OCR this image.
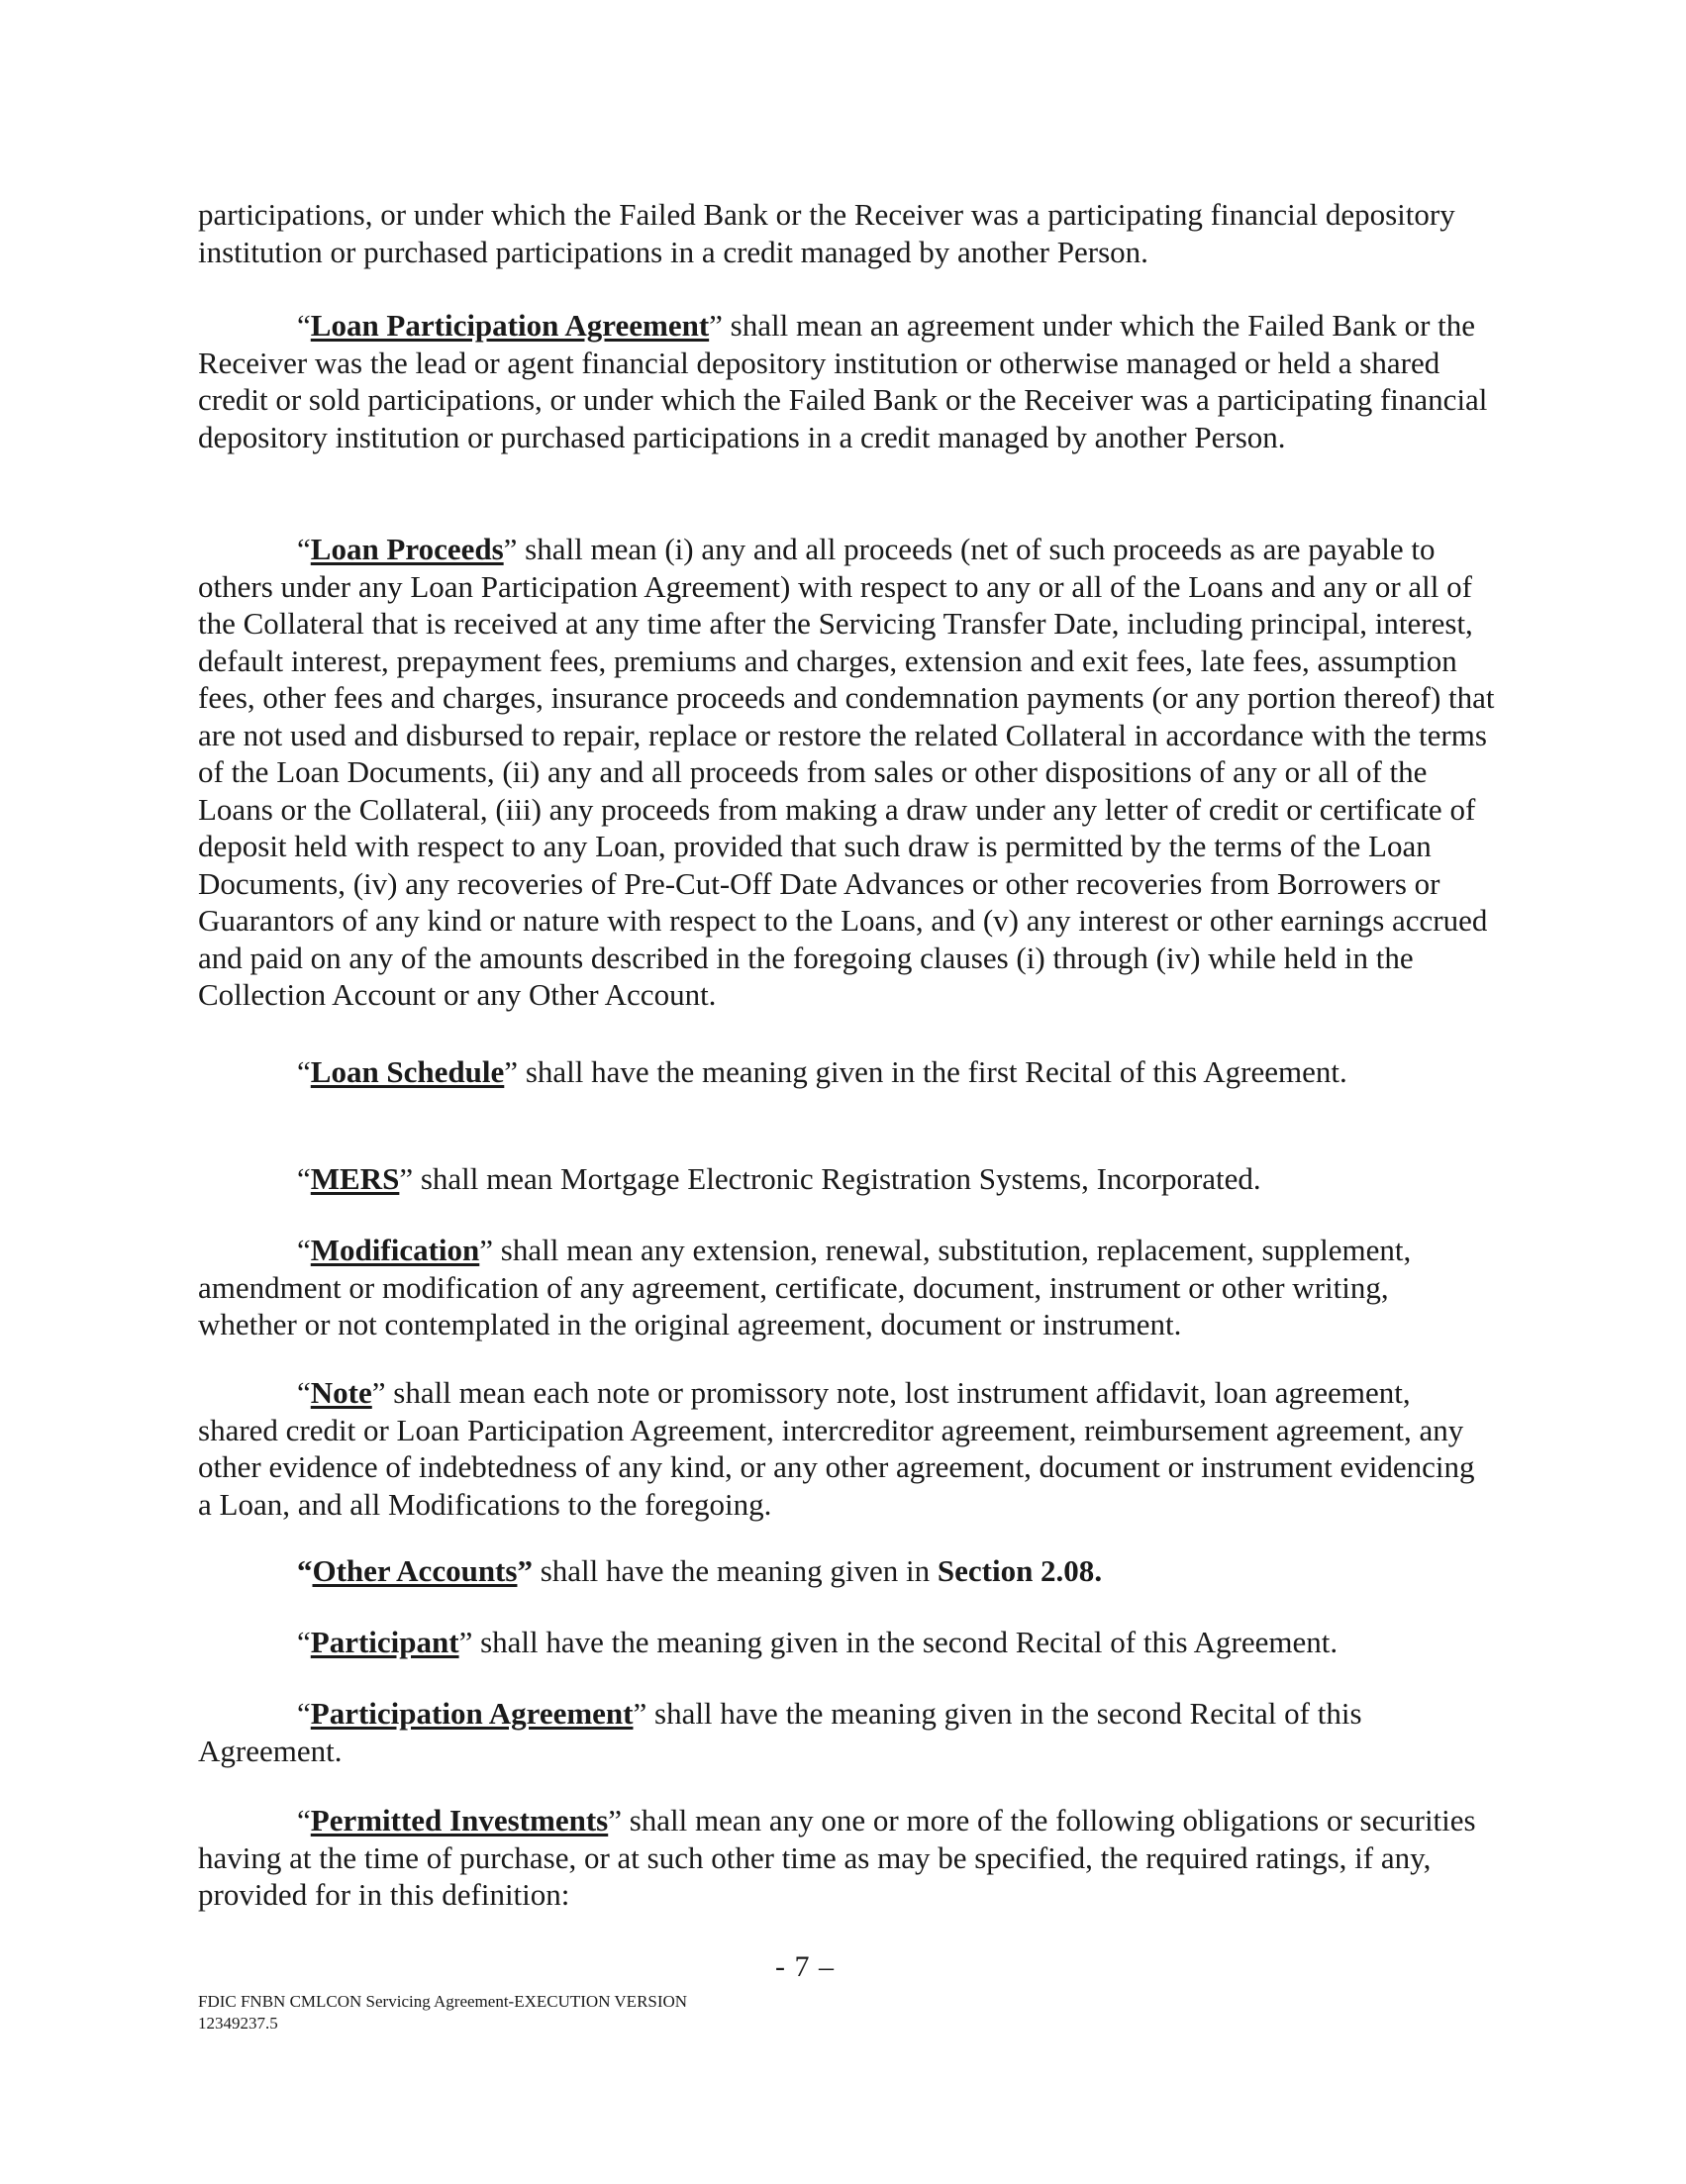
participations, or under which the Failed Bank or the Receiver was a participating financial depository institution or purchased participations in a credit managed by another Person.

“Loan Participation Agreement” shall mean an agreement under which the Failed Bank or the Receiver was the lead or agent financial depository institution or otherwise managed or held a shared credit or sold participations, or under which the Failed Bank or the Receiver was a participating financial depository institution or purchased participations in a credit managed by another Person.

“Loan Proceeds” shall mean (i) any and all proceeds (net of such proceeds as are payable to others under any Loan Participation Agreement) with respect to any or all of the Loans and any or all of the Collateral that is received at any time after the Servicing Transfer Date, including principal, interest, default interest, prepayment fees, premiums and charges, extension and exit fees, late fees, assumption fees, other fees and charges, insurance proceeds and condemnation payments (or any portion thereof) that are not used and disbursed to repair, replace or restore the related Collateral in accordance with the terms of the Loan Documents, (ii) any and all proceeds from sales or other dispositions of any or all of the Loans or the Collateral, (iii) any proceeds from making a draw under any letter of credit or certificate of deposit held with respect to any Loan, provided that such draw is permitted by the terms of the Loan Documents, (iv) any recoveries of Pre-Cut-Off Date Advances or other recoveries from Borrowers or Guarantors of any kind or nature with respect to the Loans, and (v) any interest or other earnings accrued and paid on any of the amounts described in the foregoing clauses (i) through (iv) while held in the Collection Account or any Other Account.

“Loan Schedule” shall have the meaning given in the first Recital of this Agreement.

“MERS” shall mean Mortgage Electronic Registration Systems, Incorporated.

“Modification” shall mean any extension, renewal, substitution, replacement, supplement, amendment or modification of any agreement, certificate, document, instrument or other writing, whether or not contemplated in the original agreement, document or instrument.

“Note” shall mean each note or promissory note, lost instrument affidavit, loan agreement, shared credit or Loan Participation Agreement, intercreditor agreement, reimbursement agreement, any other evidence of indebtedness of any kind, or any other agreement, document or instrument evidencing a Loan, and all Modifications to the foregoing.

“Other Accounts” shall have the meaning given in Section 2.08.

“Participant” shall have the meaning given in the second Recital of this Agreement.

“Participation Agreement” shall have the meaning given in the second Recital of this Agreement.

“Permitted Investments” shall mean any one or more of the following obligations or securities having at the time of purchase, or at such other time as may be specified, the required ratings, if any, provided for in this definition:

- 7 –
FDIC FNBN CMLCON Servicing Agreement-EXECUTION VERSION
12349237.5
